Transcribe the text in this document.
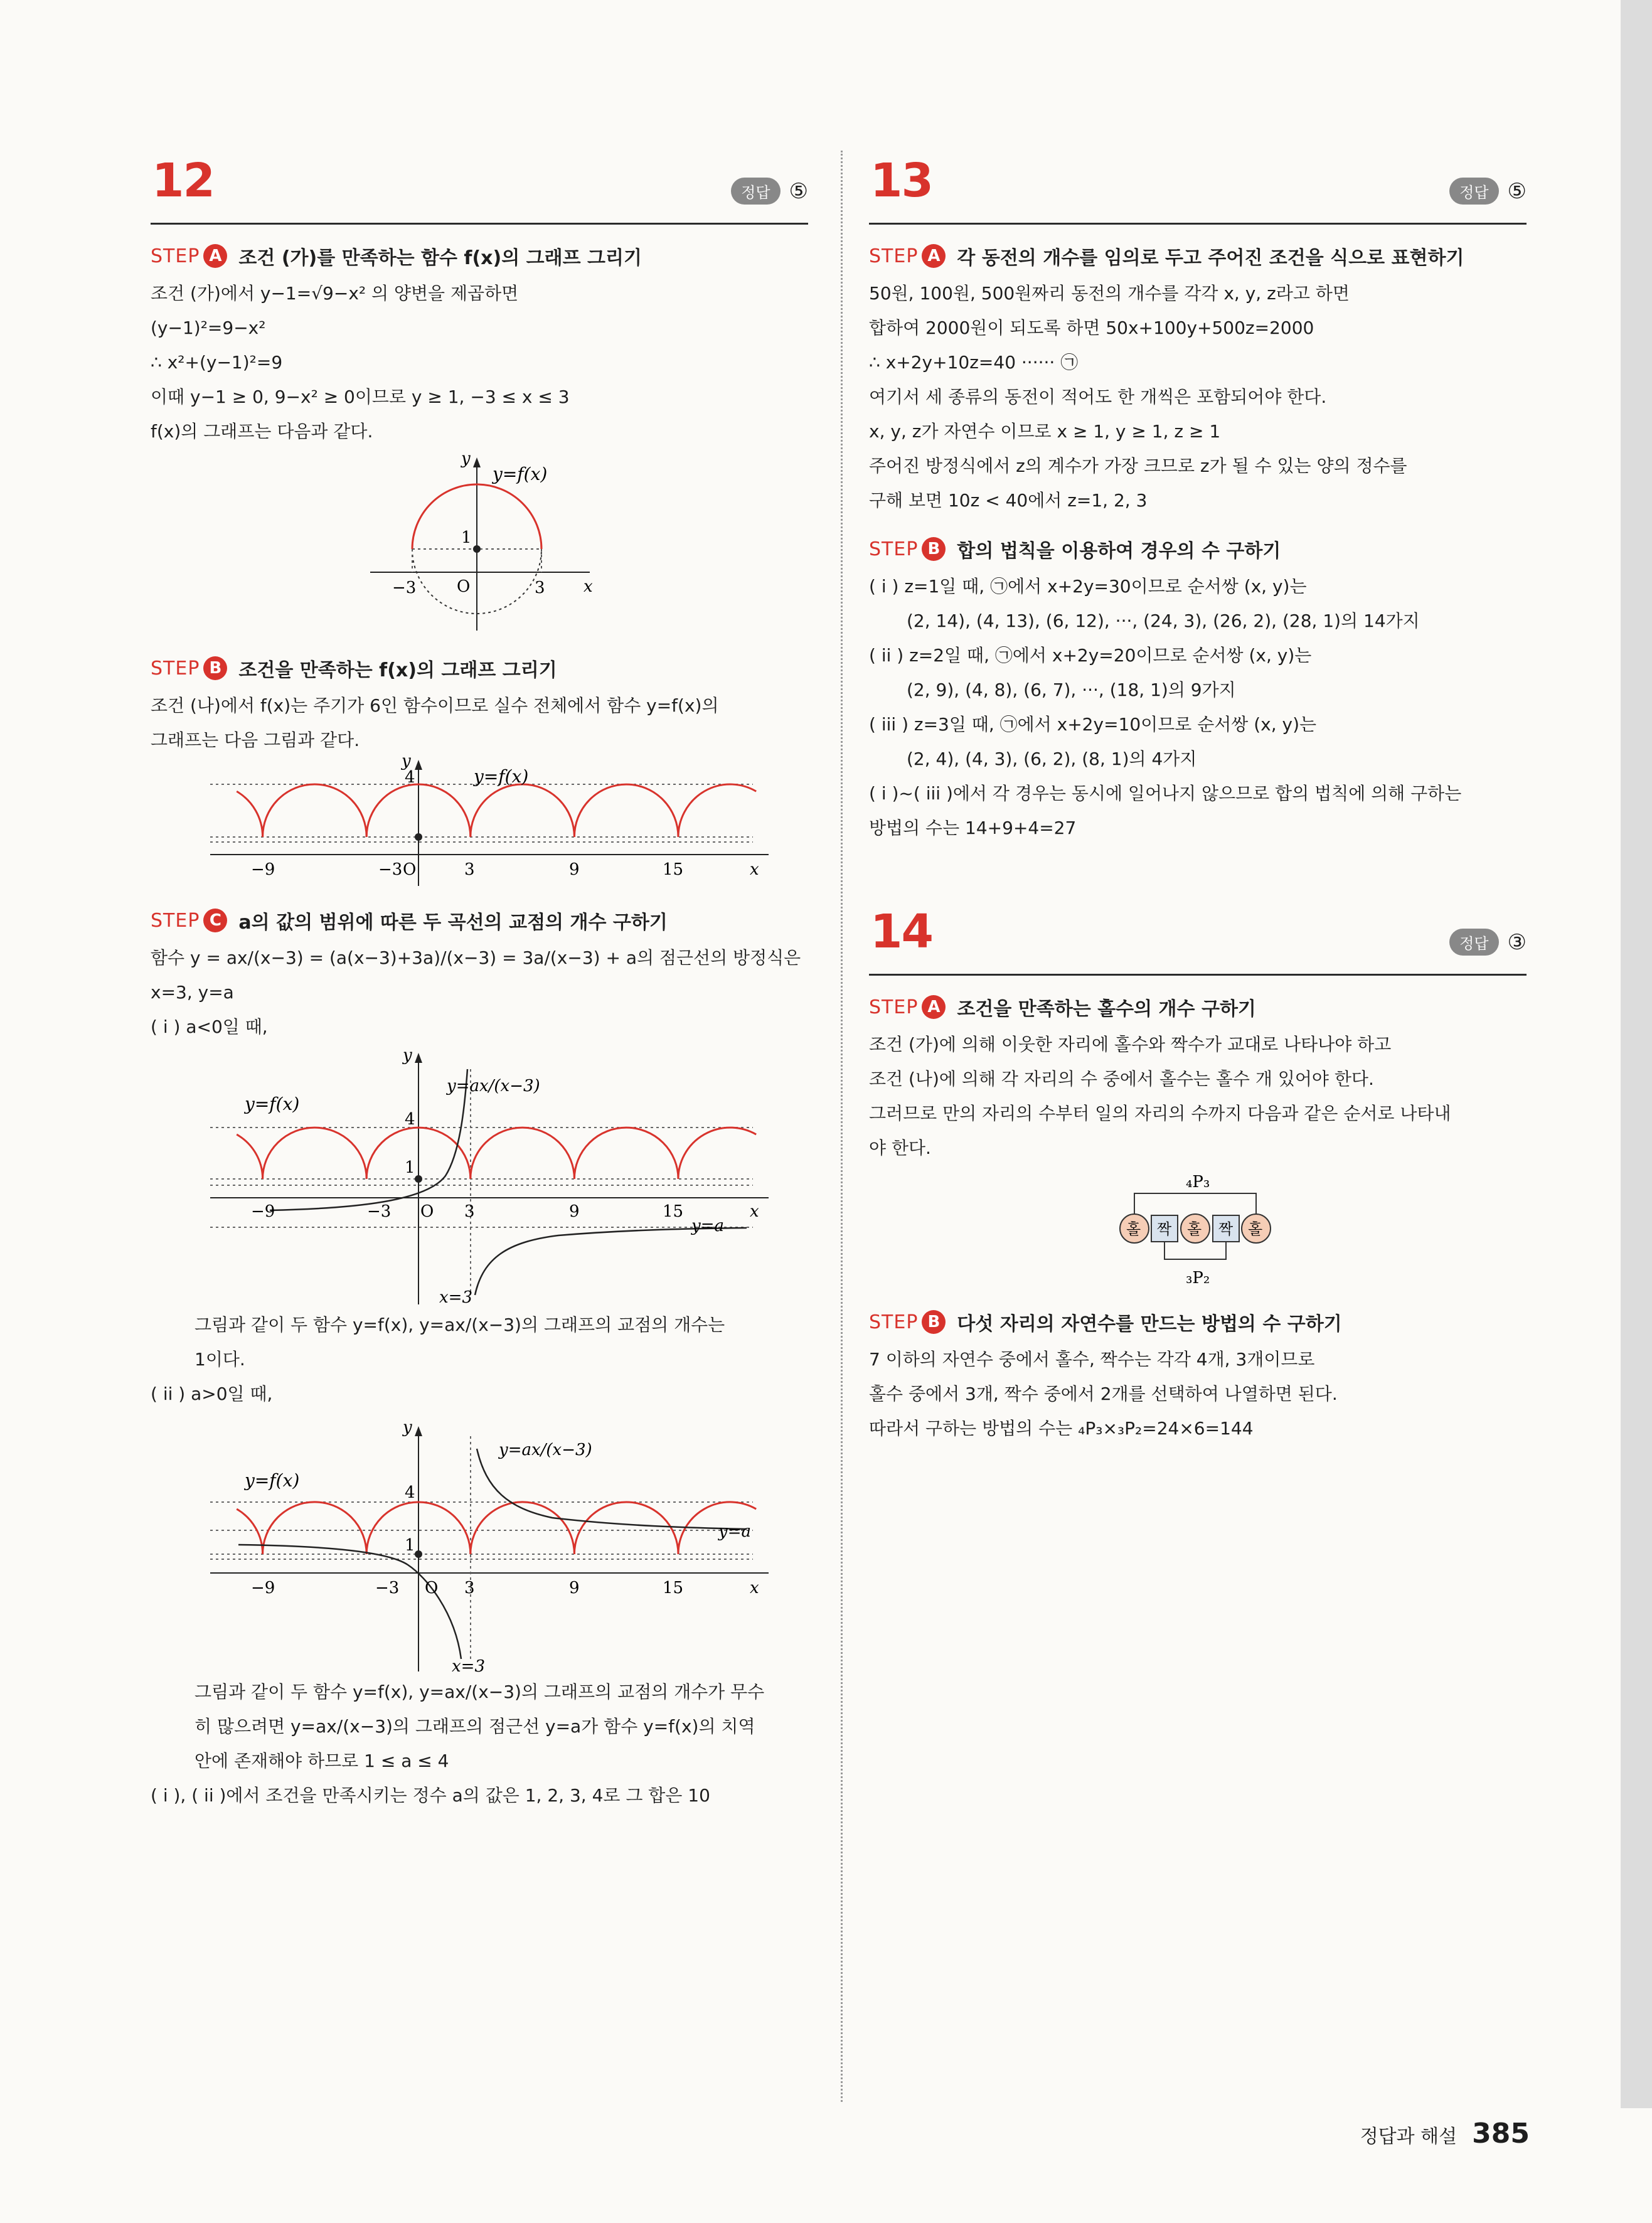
12	정답 ⑤
STEP A 조건 (가)를 만족하는 함수 f(x)의 그래프 그리기
조건 (가)에서 y−1=√9−x² 의 양변을 제곱하면
(y−1)²=9−x²
∴ x²+(y−1)²=9
이때 y−1 ≥ 0, 9−x² ≥ 0이므로 y ≥ 1, −3 ≤ x ≤ 3
f(x)의 그래프는 다음과 같다.
y
y=f(x)
1
−3 O	3 x
STEP B 조건을 만족하는 f(x)의 그래프 그리기
조건 (나)에서 f(x)는 주기가 6인 함수이므로 실수 전체에서 함수 y=f(x)의
그래프는 다음 그림과 같다.
y
4	y=f(x)
−9	−3 O	3	9	15	x
STEP C a의 값의 범위에 따른 두 곡선의 교점의 개수 구하기
함수 y = ax/(x−3) = (a(x−3)+3a)/(x−3) = 3a/(x−3) + a의 점근선의 방정식은
x=3, y=a
( i ) a<0일 때,
y
y=f(x)
y=ax/(x−3)
4
1
−9	−3 O 3	9	15	x
y=a
x=3
그림과 같이 두 함수 y=f(x), y=ax/(x−3)의 그래프의 교점의 개수는
1이다.
( ii ) a>0일 때,
y
y=f(x)
y=ax/(x−3)
4
1
−9	−3 O 3	9	15	x
y=a
x=3
그림과 같이 두 함수 y=f(x), y=ax/(x−3)의 그래프의 교점의 개수가 무수
히 많으려면 y=ax/(x−3)의 그래프의 점근선 y=a가 함수 y=f(x)의 치역
안에 존재해야 하므로 1 ≤ a ≤ 4
( i ), ( ii )에서 조건을 만족시키는 정수 a의 값은 1, 2, 3, 4로 그 합은 10
13	정답 ⑤
STEP A 각 동전의 개수를 임의로 두고 주어진 조건을 식으로 표현하기
50원, 100원, 500원짜리 동전의 개수를 각각 x, y, z라고 하면
합하여 2000원이 되도록 하면 50x+100y+500z=2000
∴ x+2y+10z=40 ······ ㉠
여기서 세 종류의 동전이 적어도 한 개씩은 포함되어야 한다.
x, y, z가 자연수 이므로 x ≥ 1, y ≥ 1, z ≥ 1
주어진 방정식에서 z의 계수가 가장 크므로 z가 될 수 있는 양의 정수를
구해 보면 10z < 40에서 z=1, 2, 3
STEP B 합의 법칙을 이용하여 경우의 수 구하기
( i ) z=1일 때, ㉠에서 x+2y=30이므로 순서쌍 (x, y)는
(2, 14), (4, 13), (6, 12), ···, (24, 3), (26, 2), (28, 1)의 14가지
( ii ) z=2일 때, ㉠에서 x+2y=20이므로 순서쌍 (x, y)는
(2, 9), (4, 8), (6, 7), ···, (18, 1)의 9가지
( iii ) z=3일 때, ㉠에서 x+2y=10이므로 순서쌍 (x, y)는
(2, 4), (4, 3), (6, 2), (8, 1)의 4가지
( i )~( iii )에서 각 경우는 동시에 일어나지 않으므로 합의 법칙에 의해 구하는
방법의 수는 14+9+4=27
14	정답 ③
STEP A 조건을 만족하는 홀수의 개수 구하기
조건 (가)에 의해 이웃한 자리에 홀수와 짝수가 교대로 나타나야 하고
조건 (나)에 의해 각 자리의 수 중에서 홀수는 홀수 개 있어야 한다.
그러므로 만의 자리의 수부터 일의 자리의 수까지 다음과 같은 순서로 나타내
야 한다.
₄P₃
₃P₂
홀 짝 홀 짝 홀
STEP B 다섯 자리의 자연수를 만드는 방법의 수 구하기
7 이하의 자연수 중에서 홀수, 짝수는 각각 4개, 3개이므로
홀수 중에서 3개, 짝수 중에서 2개를 선택하여 나열하면 된다.
따라서 구하는 방법의 수는 ₄P₃×₃P₂=24×6=144
정답과 해설 385
